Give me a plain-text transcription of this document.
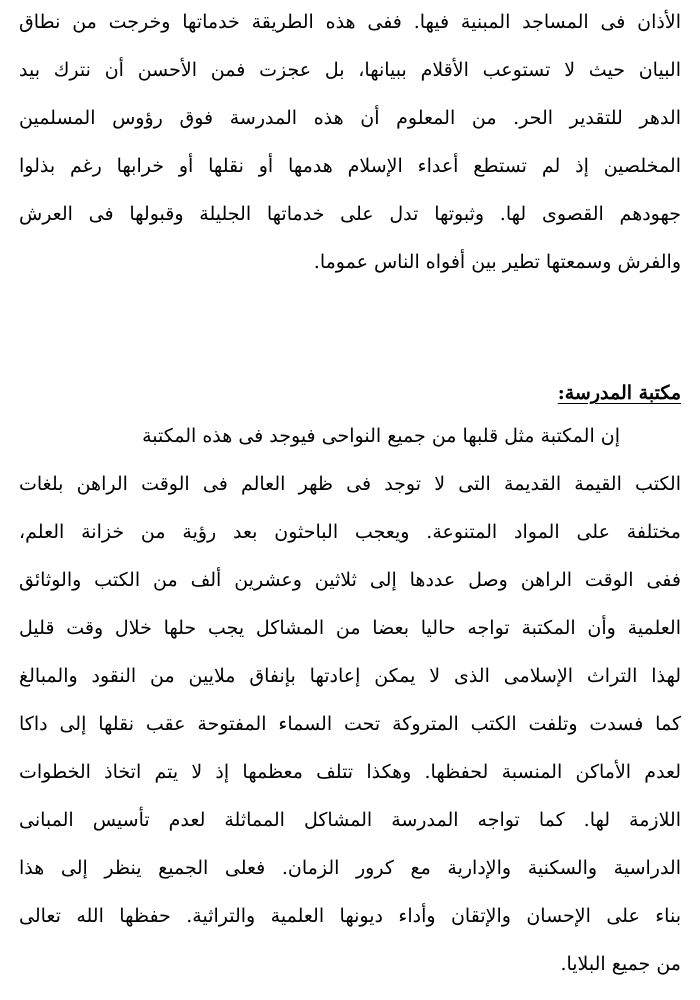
الأذان فى المساجد المبنية فيها. ففى هذه الطريقة خدماتها وخرجت من نطاق
البيان حيث لا تستوعب الأقلام ببيانها، بل عجزت فمن الأحسن أن نترك بيد
الدهر للتقدير الحر. من المعلوم أن هذه المدرسة فوق رؤوس المسلمين
المخلصين إذ لم تستطع أعداء الإسلام هدمها أو نقلها أو خرابها رغم بذلوا
جهودهم القصوى لها. وثبوتها تدل على خدماتها الجليلة وقبولها فى العرش
والفرش وسمعتها تطير بين أفواه الناس عموما.
مكتبة المدرسة:
إن المكتبة مثل قلبها من جميع النواحى فيوجد فى هذه المكتبة
الكتب القيمة القديمة التى لا توجد فى ظهر العالم فى الوقت الراهن بلغات
مختلفة على المواد المتنوعة. ويعجب الباحثون بعد رؤية من خزانة العلم،
ففى الوقت الراهن وصل عددها إلى ثلاثين وعشرين ألف من الكتب والوثائق
العلمية وأن المكتبة تواجه حاليا بعضا من المشاكل يجب حلها خلال وقت قليل
لهذا التراث الإسلامى الذى لا يمكن إعادتها بإنفاق ملايين من النقود والمبالغ
كما فسدت وتلفت الكتب المتروكة تحت السماء المفتوحة عقب نقلها إلى داكا
لعدم الأماكن المنسبة لحفظها. وهكذا تتلف معظمها إذ لا يتم اتخاذ الخطوات
اللازمة لها. كما تواجه المدرسة المشاكل المماثلة لعدم تأسيس المبانى
الدراسية والسكنية والإدارية مع كرور الزمان. فعلى الجميع ينظر إلى هذا
بناء على الإحسان والإتقان وأداء ديونها العلمية والتراثية. حفظها الله تعالى
من جميع البلايا.
